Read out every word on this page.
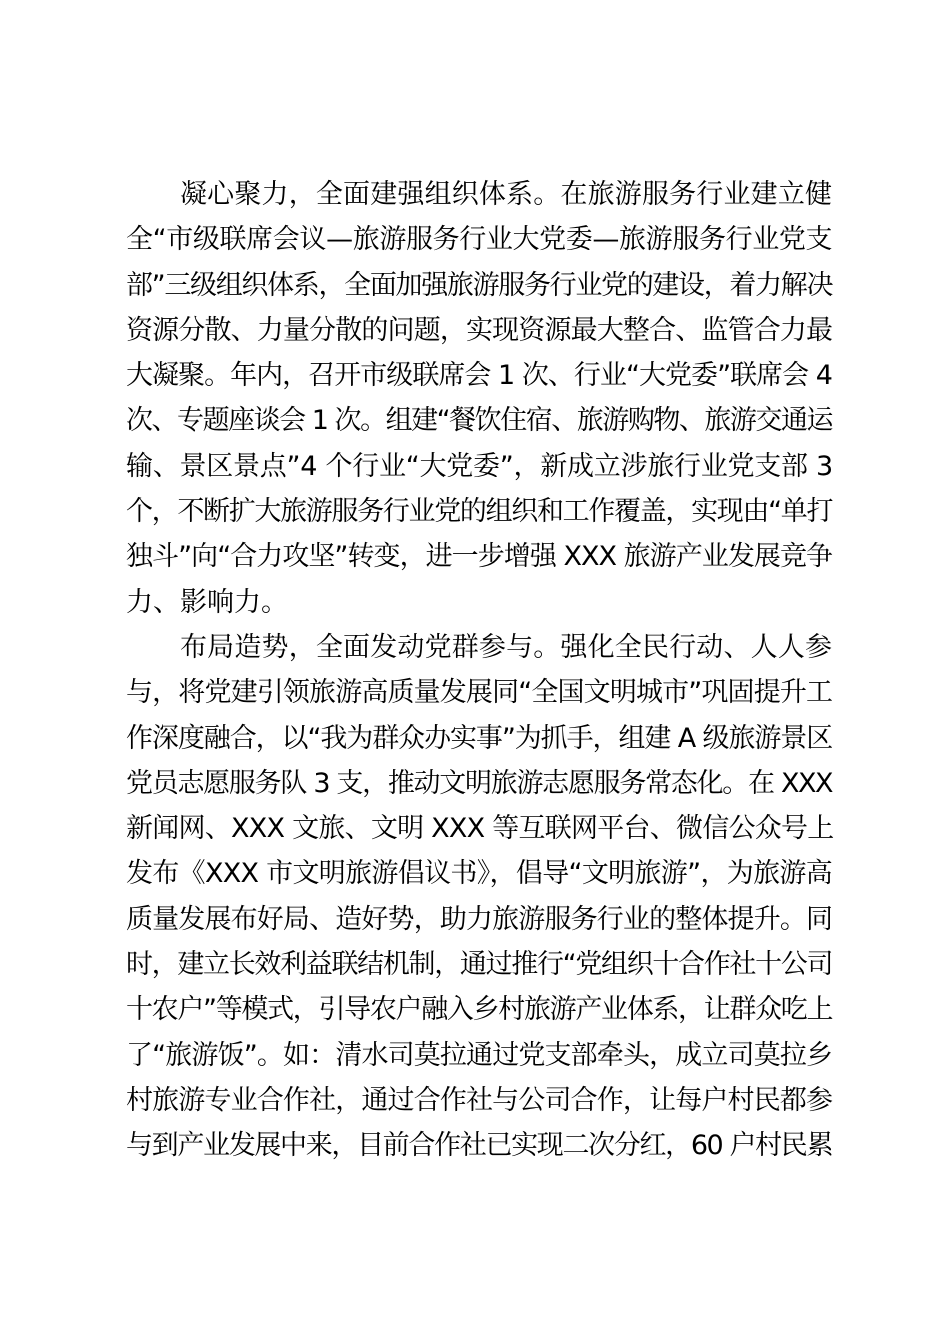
凝心聚力，全面建强组织体系。在旅游服务行业建立健
全“市级联席会议—旅游服务行业大党委—旅游服务行业党支
部”三级组织体系，全面加强旅游服务行业党的建设，着力解决
资源分散、力量分散的问题，实现资源最大整合、监管合力最
大凝聚。年内，召开市级联席会 1 次、行业“大党委”联席会 4
次、专题座谈会 1 次。组建“餐饮住宿、旅游购物、旅游交通运
输、景区景点”4 个行业“大党委”，新成立涉旅行业党支部 3
个，不断扩大旅游服务行业党的组织和工作覆盖，实现由“单打
独斗”向“合力攻坚”转变，进一步增强 XXX 旅游产业发展竞争
力、影响力。
布局造势，全面发动党群参与。强化全民行动、人人参
与，将党建引领旅游高质量发展同“全国文明城市”巩固提升工
作深度融合，以“我为群众办实事”为抓手，组建 A 级旅游景区
党员志愿服务队 3 支，推动文明旅游志愿服务常态化。在 XXX
新闻网、XXX 文旅、文明 XXX 等互联网平台、微信公众号上
发布《XXX 市文明旅游倡议书》，倡导“文明旅游”，为旅游高
质量发展布好局、造好势，助力旅游服务行业的整体提升。同
时，建立长效利益联结机制，通过推行“党组织十合作社十公司
十农户”等模式，引导农户融入乡村旅游产业体系，让群众吃上
了“旅游饭”。如：清水司莫拉通过党支部牵头，成立司莫拉乡
村旅游专业合作社，通过合作社与公司合作，让每户村民都参
与到产业发展中来，目前合作社已实现二次分红，60 户村民累
